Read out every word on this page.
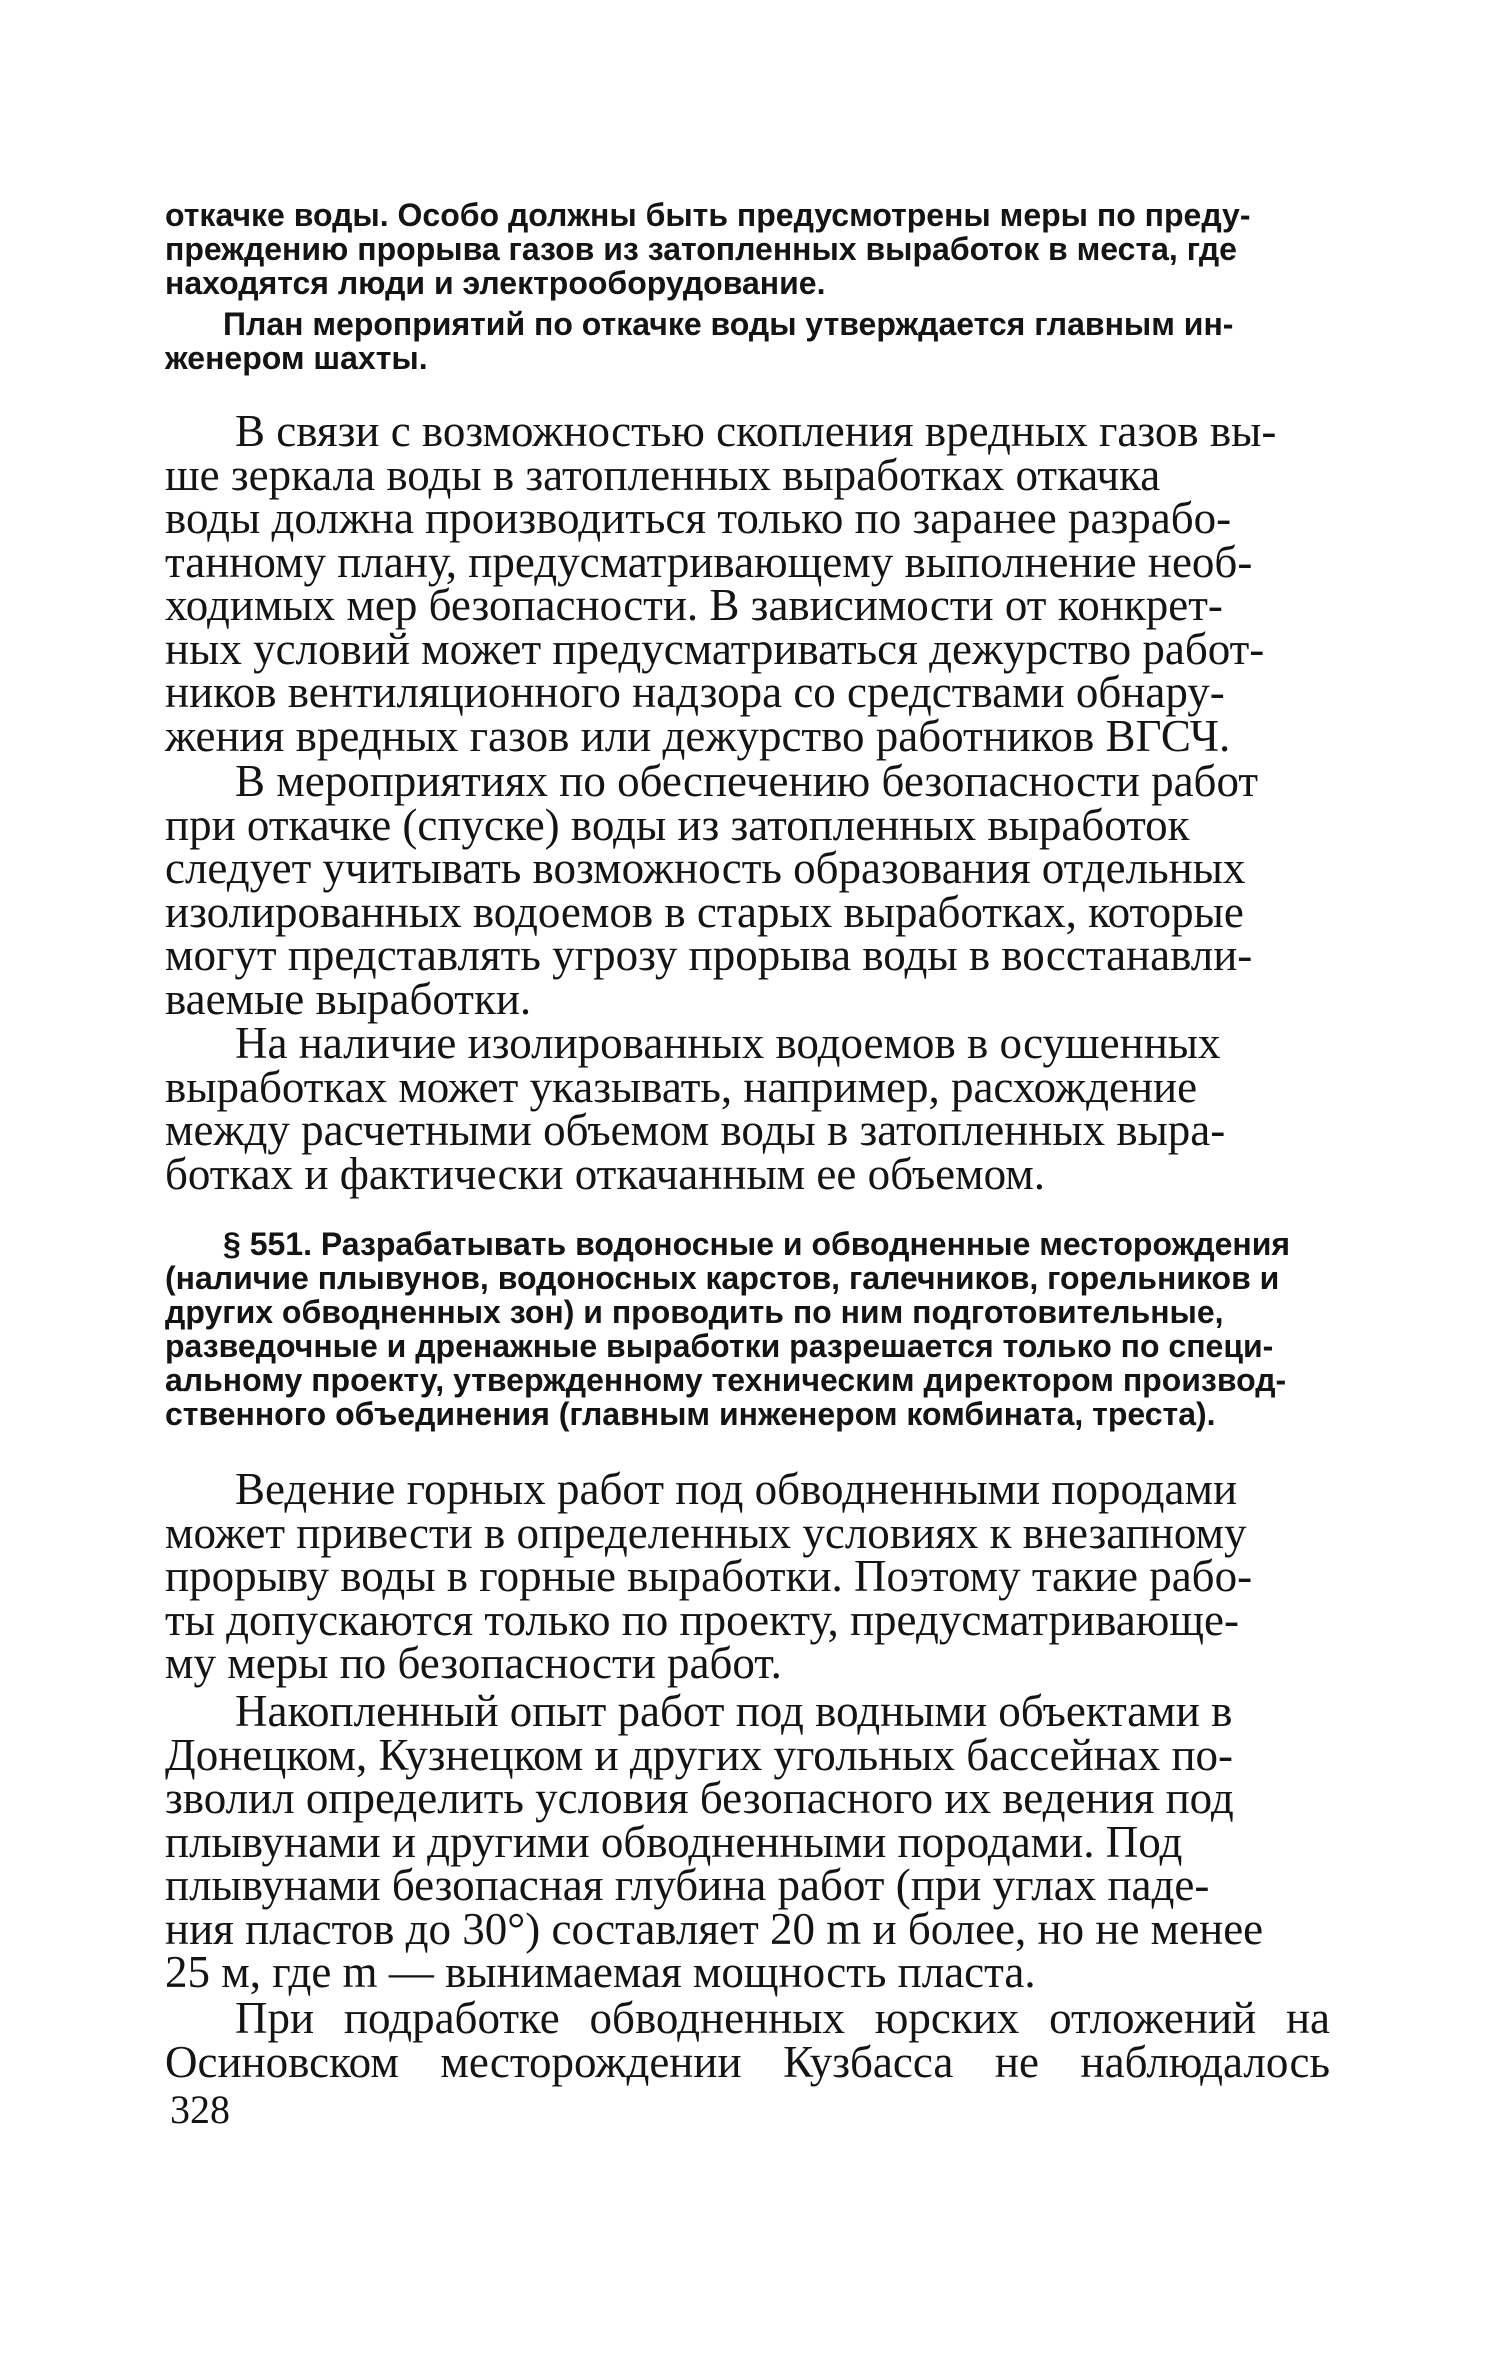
откачке воды. Особо должны быть предусмотрены меры по преду-
преждению прорыва газов из затопленных выработок в места, где
находятся люди и электрооборудование.

План мероприятий по откачке воды утверждается главным ин-
женером шахты.

В связи с возможностью скопления вредных газов вы-
ше зеркала воды в затопленных выработках откачка
воды должна производиться только по заранее разрабо-
танному плану, предусматривающему выполнение необ-
ходимых мер безопасности. В зависимости от конкрет-
ных условий может предусматриваться дежурство работ-
ников вентиляционного надзора со средствами обнару-
жения вредных газов или дежурство работников ВГСЧ.

В мероприятиях по обеспечению безопасности работ
при откачке (спуске) воды из затопленных выработок
следует учитывать возможность образования отдельных
изолированных водоемов в старых выработках, которые
могут представлять угрозу прорыва воды в восстанавли-
ваемые выработки.

На наличие изолированных водоемов в осушенных
выработках может указывать, например, расхождение
между расчетными объемом воды в затопленных выра-
ботках и фактически откачанным ее объемом.

§ 551. Разрабатывать водоносные и обводненные месторождения
(наличие плывунов, водоносных карстов, галечников, горельников и
других обводненных зон) и проводить по ним подготовительные,
разведочные и дренажные выработки разрешается только по специ-
альному проекту, утвержденному техническим директором производ-
ственного объединения (главным инженером комбината, треста).

Ведение горных работ под обводненными породами
может привести в определенных условиях к внезапному
прорыву воды в горные выработки. Поэтому такие рабо-
ты допускаются только по проекту, предусматривающе-
му меры по безопасности работ.

Накопленный опыт работ под водными объектами в
Донецком, Кузнецком и других угольных бассейнах по-
зволил определить условия безопасного их ведения под
плывунами и другими обводненными породами. Под
плывунами безопасная глубина работ (при углах паде-
ния пластов до 30°) составляет 20 m и более, но не менее
25 м, где m — вынимаемая мощность пласта.

При подработке обводненных юрских отложений на
Осиновском месторождении Кузбасса не наблюдалось

328
